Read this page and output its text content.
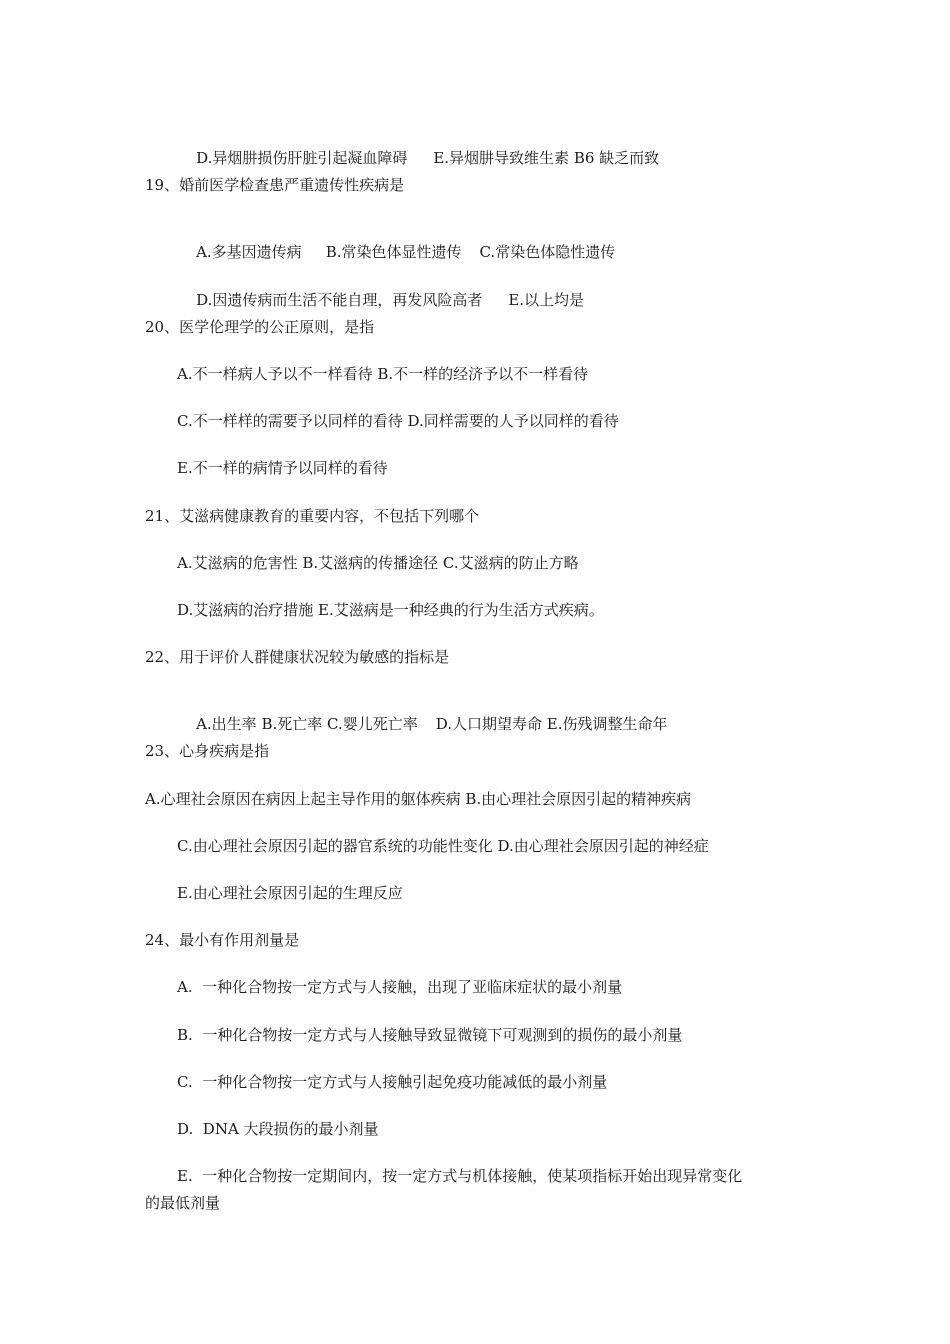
D.异烟肼损伤肝脏引起凝血障碍 E.异烟肼导致维生素 B6 缺乏而致

19、婚前医学检查患严重遗传性疾病是

A.多基因遗传病 B.常染色体显性遗传 C.常染色体隐性遗传

D.因遗传病而生活不能自理，再发风险高者 E.以上均是

20、医学伦理学的公正原则，是指
A.不一样病人予以不一样看待 B.不一样的经济予以不一样看待
C.不一样样的需要予以同样的看待 D.同样需要的人予以同样的看待
E.不一样的病情予以同样的看待
21、艾滋病健康教育的重要内容，不包括下列哪个
A.艾滋病的危害性 B.艾滋病的传播途径 C.艾滋病的防止方略
D.艾滋病的治疗措施 E.艾滋病是一种经典的行为生活方式疾病。
22、用于评价人群健康状况较为敏感的指标是

A.出生率 B.死亡率 C.婴儿死亡率 D.人口期望寿命 E.伤残调整生命年

23、心身疾病是指
A.心理社会原因在病因上起主导作用的躯体疾病 B.由心理社会原因引起的精神疾病
C.由心理社会原因引起的器官系统的功能性变化 D.由心理社会原因引起的神经症
E.由心理社会原因引起的生理反应
24、最小有作用剂量是
A.  一种化合物按一定方式与人接触，出现了亚临床症状的最小剂量
B.  一种化合物按一定方式与人接触导致显微镜下可观测到的损伤的最小剂量
C.  一种化合物按一定方式与人接触引起免疫功能减低的最小剂量
D.  DNA 大段损伤的最小剂量
E.  一种化合物按一定期间内，按一定方式与机体接触，使某项指标开始出现异常变化
的最低剂量
